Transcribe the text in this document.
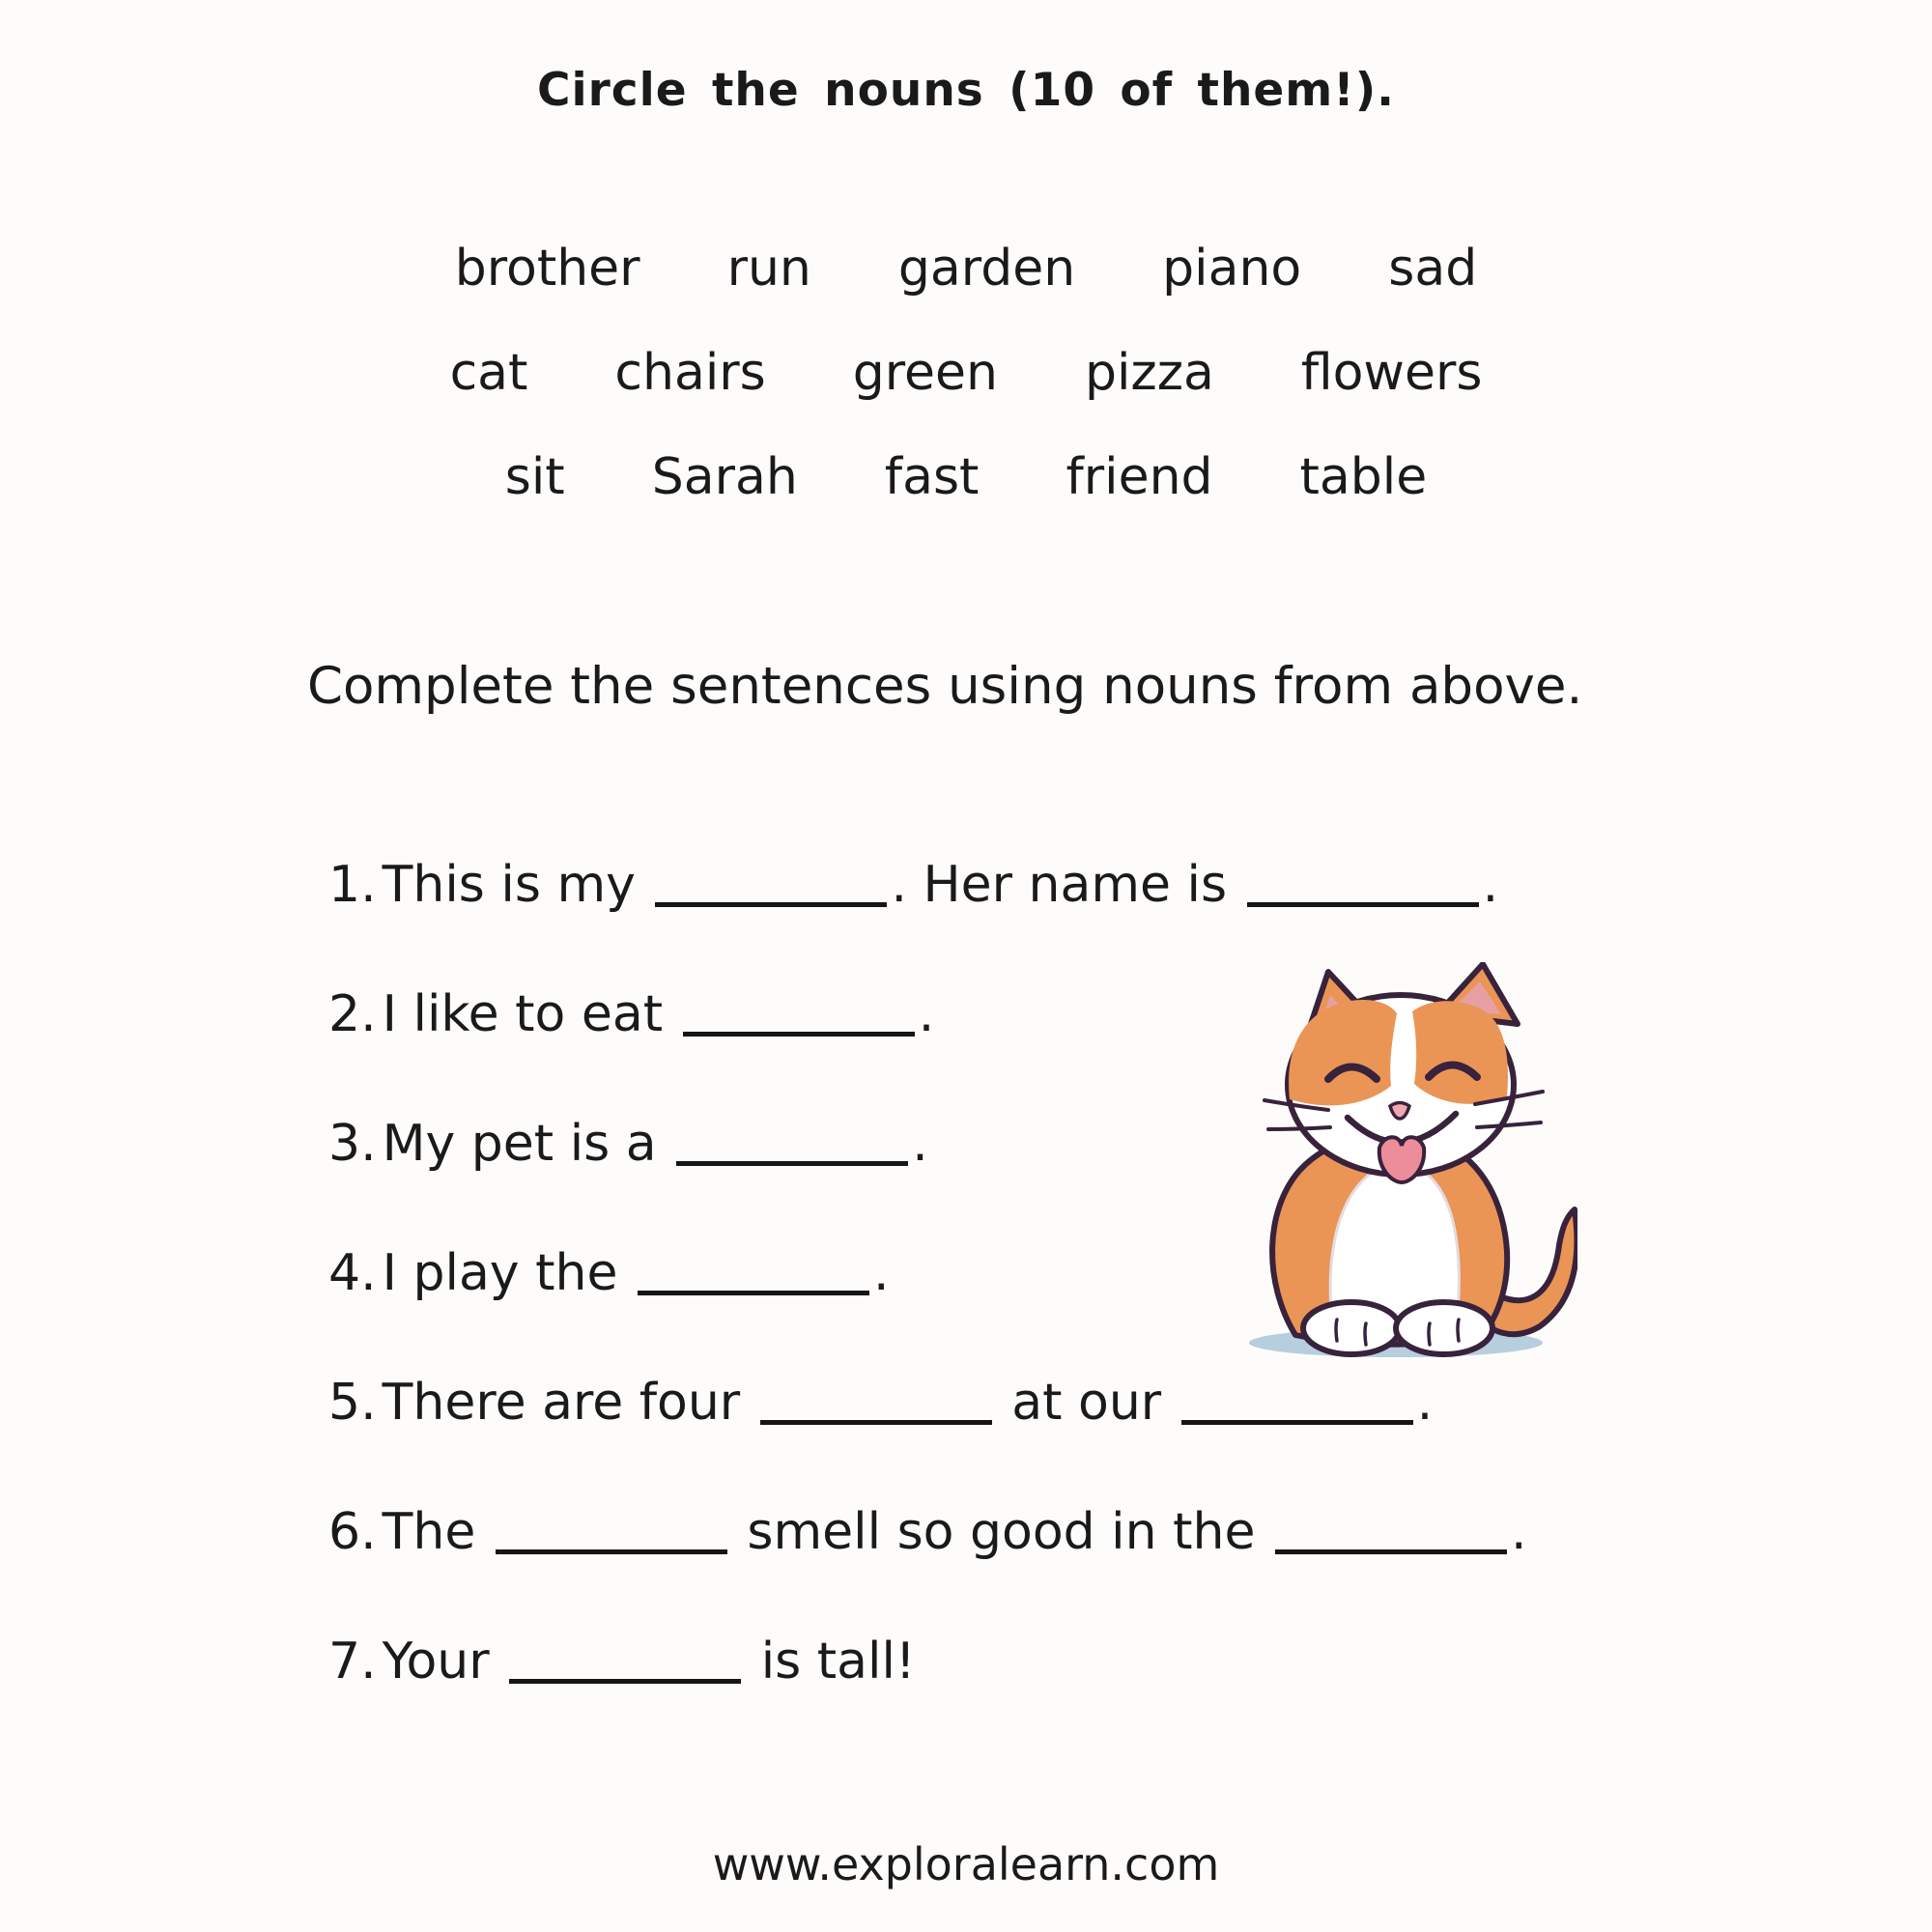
Circle the nouns (10 of them!).
brother run garden piano sad
cat chairs green pizza flowers
sit Sarah fast friend table
Complete the sentences using nouns from above.
1. This is my	. Her name is	.
2. I like to eat	.
3. My pet is a	.
4. I play the	.
5. There are four	at our	.
6. The	smell so good in the	.
7. Your	is tall!
www.exploralearn.com
